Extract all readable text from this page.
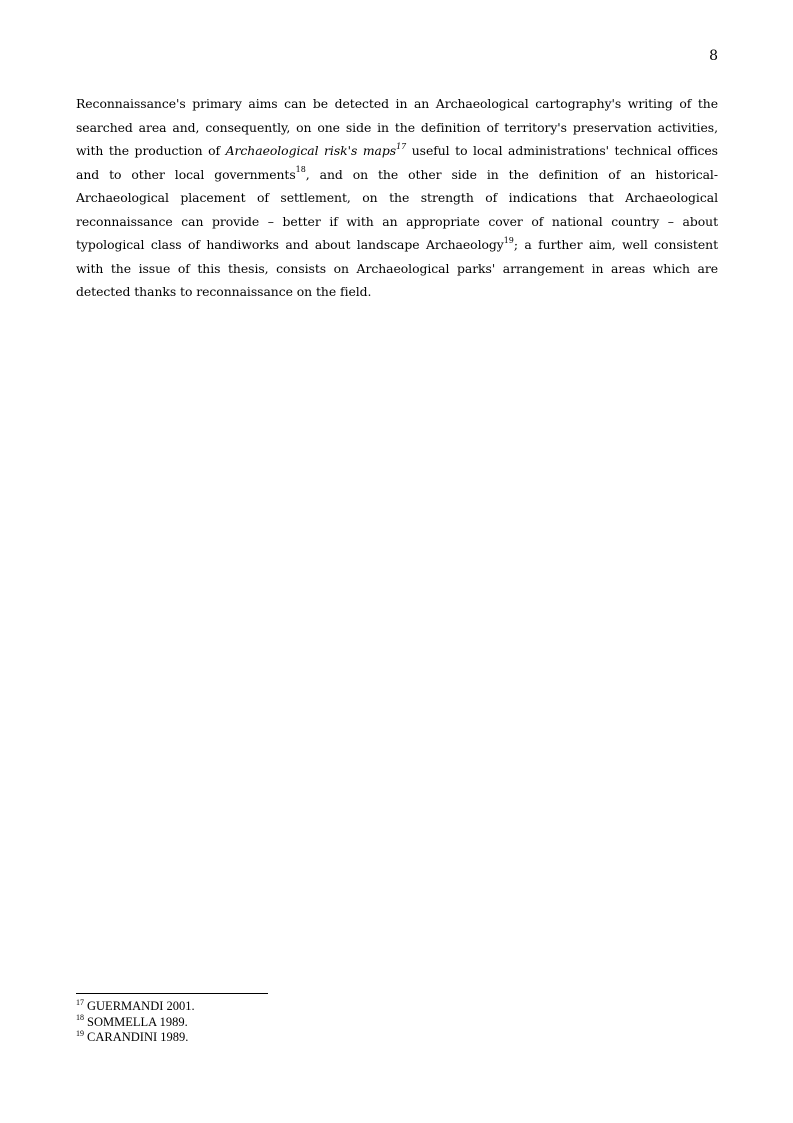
8

Reconnaissance's primary aims can be detected in an Archaeological cartography's writing of the searched area and, consequently, on one side in the definition of territory's preservation activities, with the production of Archaeological risk's maps$^{17}$ useful to local administrations' technical offices and to other local governments$^{18}$, and on the other side in the definition of an historical-Archaeological placement of settlement, on the strength of indications that Archaeological reconnaissance can provide – better if with an appropriate cover of national country – about typological class of handiworks and about landscape Archaeology$^{19}$; a further aim, well consistent with the issue of this thesis, consists on Archaeological parks' arrangement in areas which are detected thanks to reconnaissance on the field.

$^{17}$ GUERMANDI 2001.
$^{18}$ SOMMELLA 1989.
$^{19}$ CARANDINI 1989.
